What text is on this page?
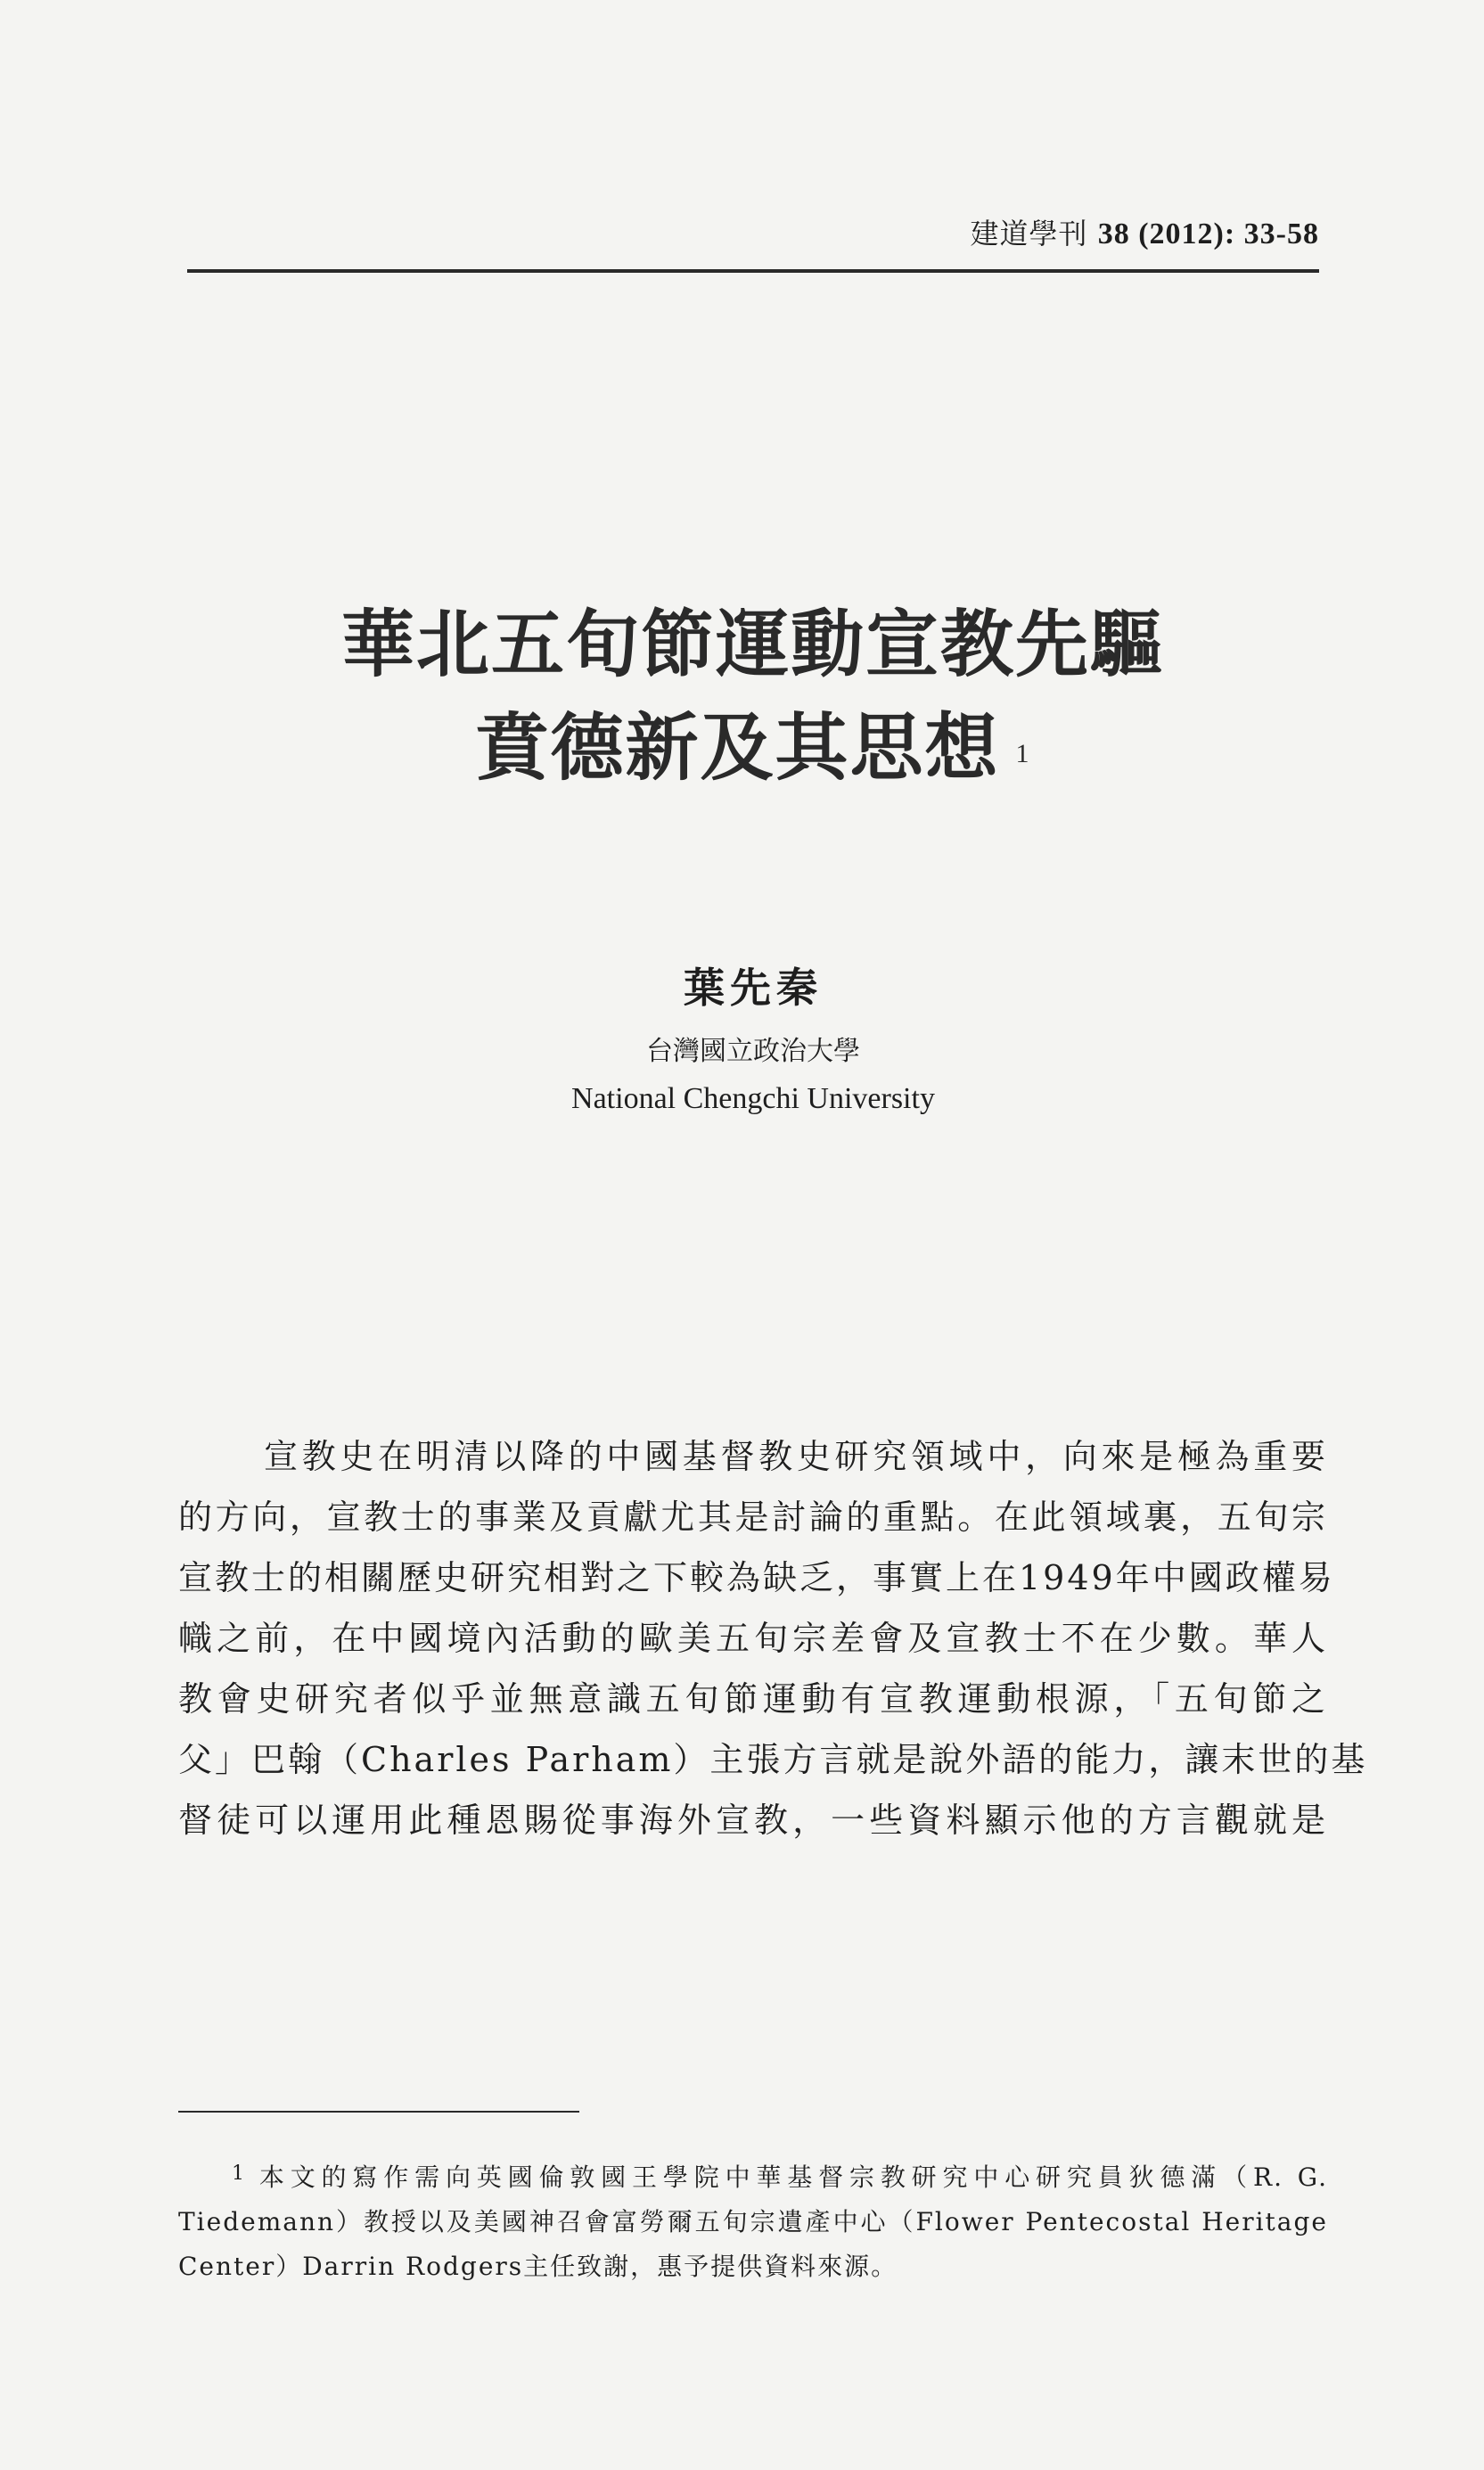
建道學刊 38 (2012): 33-58
華北五旬節運動宣教先驅
賁德新及其思想 $^1$
葉先秦
台灣國立政治大學
National Chengchi University
宣教史在明清以降的中國基督教史研究領域中，向來是極為重要
的方向，宣教士的事業及貢獻尤其是討論的重點。在此領域裏，五旬宗
宣教士的相關歷史研究相對之下較為缺乏，事實上在1949年中國政權易
幟之前，在中國境內活動的歐美五旬宗差會及宣教士不在少數。華人
教會史研究者似乎並無意識五旬節運動有宣教運動根源，「五旬節之
父」巴翰（Charles Parham）主張方言就是說外語的能力，讓末世的基
督徒可以運用此種恩賜從事海外宣教，一些資料顯示他的方言觀就是
$^1$ 本文的寫作需向英國倫敦國王學院中華基督宗教研究中心研究員狄德滿（R. G.
Tiedemann）教授以及美國神召會富勞爾五旬宗遺產中心（Flower Pentecostal Heritage
Center）Darrin Rodgers主任致謝，惠予提供資料來源。
